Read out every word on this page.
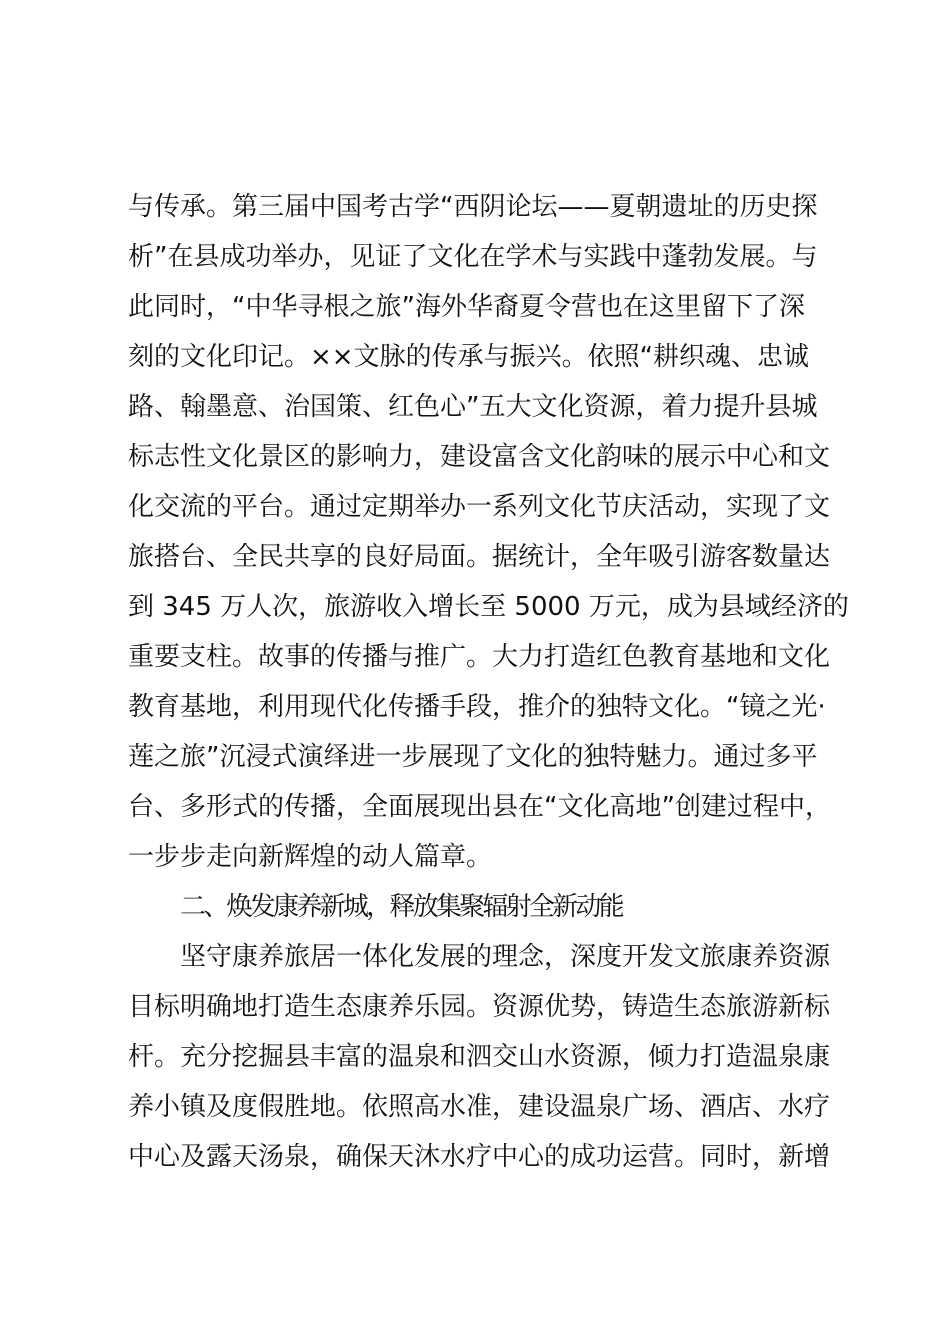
与传承。第三届中国考古学“西阴论坛——夏朝遗址的历史探
析”在县成功举办，见证了文化在学术与实践中蓬勃发展。与
此同时，“中华寻根之旅”海外华裔夏令营也在这里留下了深
刻的文化印记。××文脉的传承与振兴。依照“耕织魂、忠诚
路、翰墨意、治国策、红色心”五大文化资源，着力提升县城
标志性文化景区的影响力，建设富含文化韵味的展示中心和文
化交流的平台。通过定期举办一系列文化节庆活动，实现了文
旅搭台、全民共享的良好局面。据统计，全年吸引游客数量达
到 345 万人次，旅游收入增长至 5000 万元，成为县域经济的
重要支柱。故事的传播与推广。大力打造红色教育基地和文化
教育基地，利用现代化传播手段，推介的独特文化。“镜之光·
莲之旅”沉浸式演绎进一步展现了文化的独特魅力。通过多平
台、多形式的传播，全面展现出县在“文化高地”创建过程中，
一步步走向新辉煌的动人篇章。
二、焕发康养新城，释放集聚辐射全新动能
坚守康养旅居一体化发展的理念，深度开发文旅康养资源
目标明确地打造生态康养乐园。资源优势，铸造生态旅游新标
杆。充分挖掘县丰富的温泉和泗交山水资源，倾力打造温泉康
养小镇及度假胜地。依照高水准，建设温泉广场、酒店、水疗
中心及露天汤泉，确保天沐水疗中心的成功运营。同时，新增
